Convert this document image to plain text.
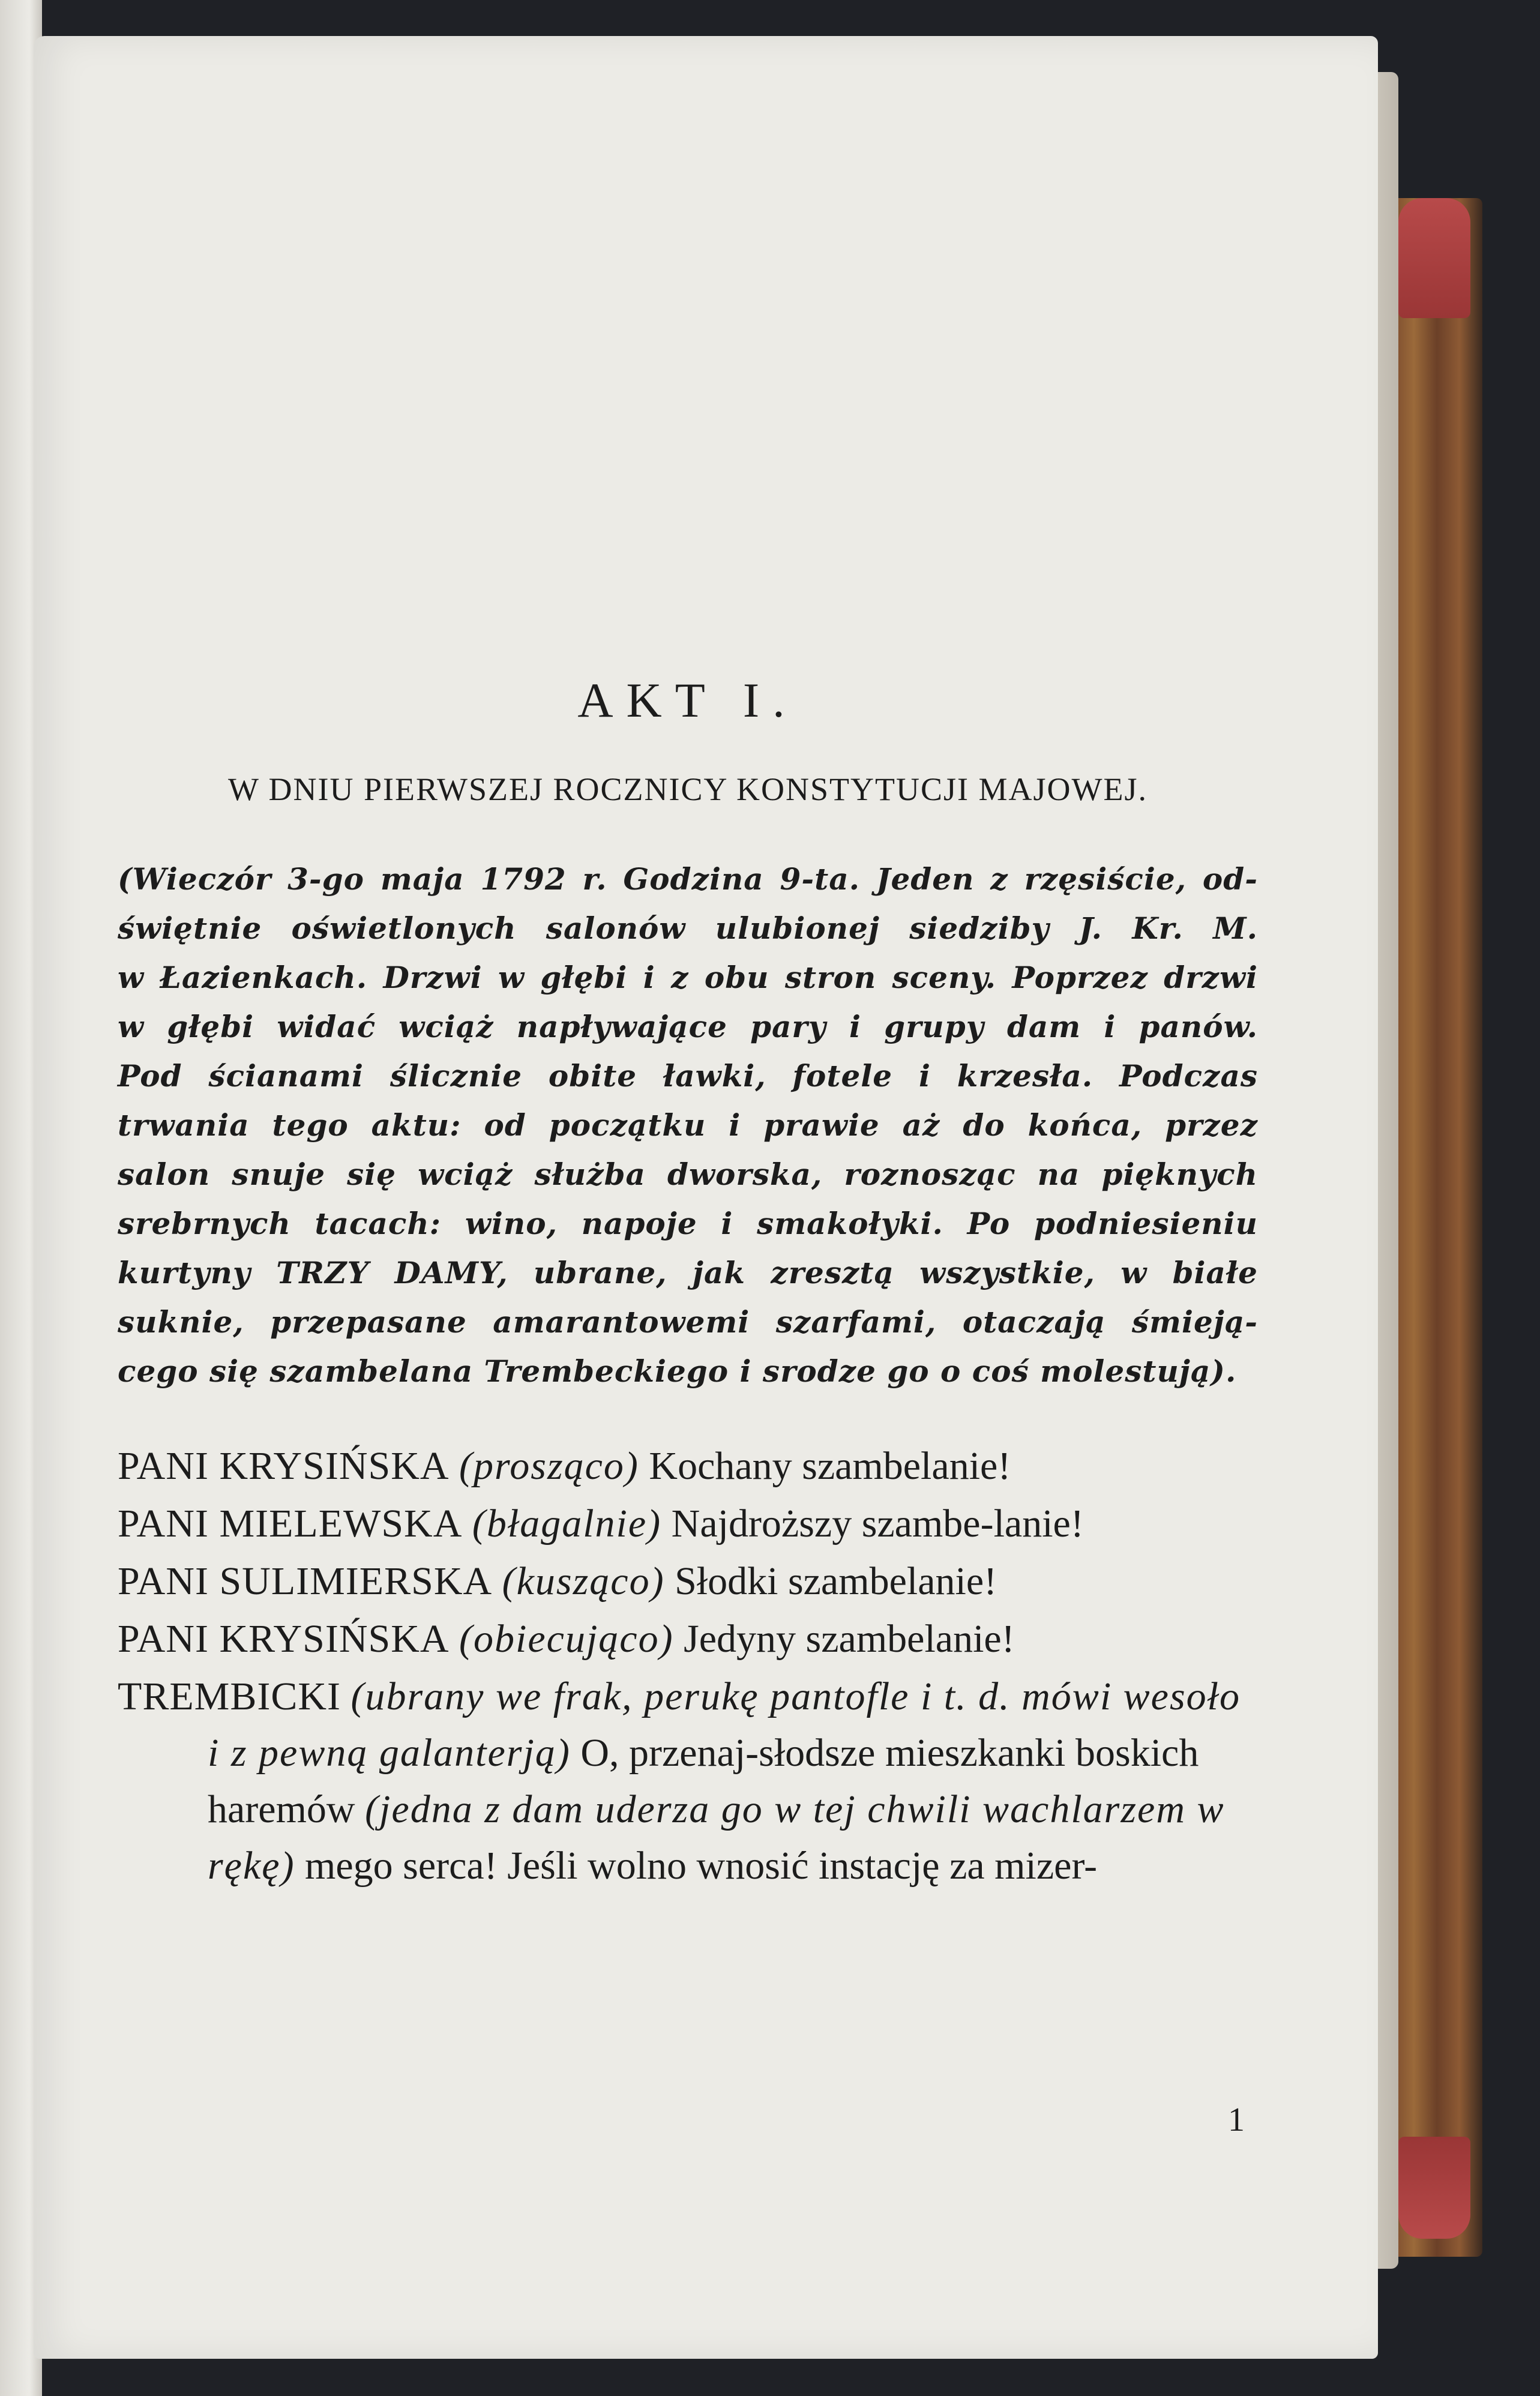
AKT I.
W DNIU PIERWSZEJ ROCZNICY KONSTYTUCJI MAJOWEJ.
(Wieczór 3-go maja 1792 r. Godzina 9-ta. Jeden z rzęsiście, od-
świętnie oświetlonych salonów ulubionej siedziby J. Kr. M.
w Łazienkach. Drzwi w głębi i z obu stron sceny. Poprzez drzwi
w głębi widać wciąż napływające pary i grupy dam i panów.
Pod ścianami ślicznie obite ławki, fotele i krzesła. Podczas
trwania tego aktu: od początku i prawie aż do końca, przez
salon snuje się wciąż służba dworska, roznosząc na pięknych
srebrnych tacach: wino, napoje i smakołyki. Po podniesieniu
kurtyny TRZY DAMY, ubrane, jak zresztą wszystkie, w białe
suknie, przepasane amarantowemi szarfami, otaczają śmieją-
cego się szambelana Trembeckiego i srodze go o coś molestują).

PANI KRYSIŃSKA (prosząco) Kochany szambelanie!

PANI MIELEWSKA (błagalnie) Najdroższy szambe-lanie!

PANI SULIMIERSKA (kusząco) Słodki szambelanie!

PANI KRYSIŃSKA (obiecująco) Jedyny szambelanie!

TREMBICKI (ubrany we frak, perukę pantofle i t. d. mówi wesoło i z pewną galanterją) O, przenaj-słodsze mieszkanki boskich haremów (jedna z dam uderza go w tej chwili wachlarzem w rękę) mego serca! Jeśli wolno wnosić instację za mizer-

1
